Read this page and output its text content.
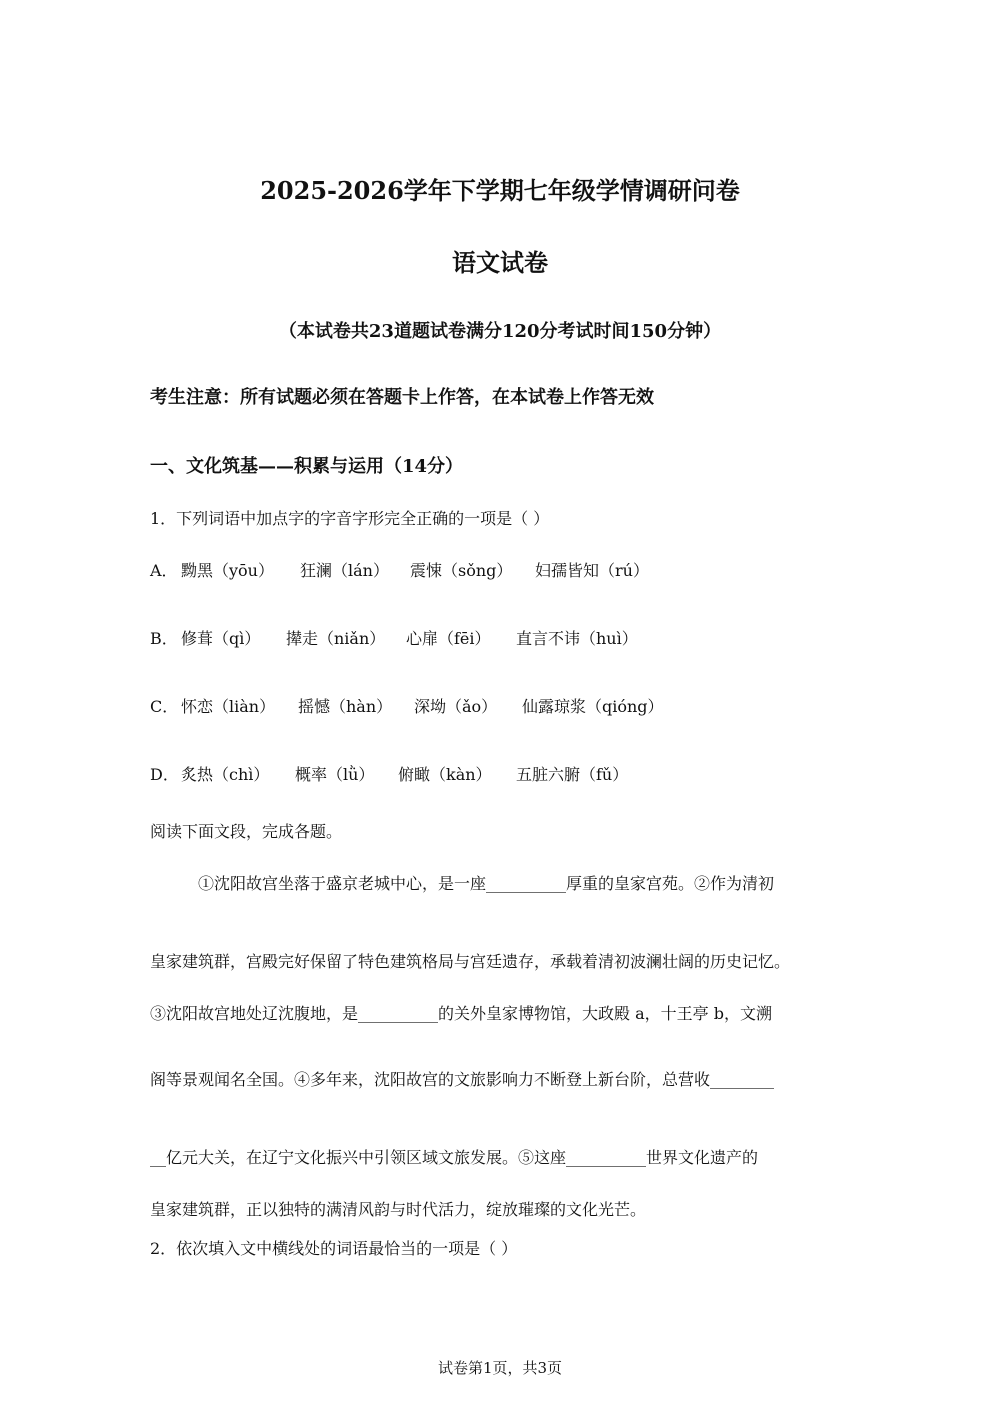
2025-2026学年下学期七年级学情调研问卷
语文试卷
（本试卷共23道题试卷满分120分考试时间150分钟）
考生注意：所有试题必须在答题卡上作答，在本试卷上作答无效
一、文化筑基——积累与运用（14分）
1．下列词语中加点字的字音字形完全正确的一项是（ ）
A． 黝黑（yōu） 狂澜（lán） 震悚（sǒng） 妇孺皆知（rú）
B． 修葺（qì） 撵走（niǎn） 心扉（fēi） 直言不讳（huì）
C． 怀恋（liàn） 摇憾（hàn） 深坳（ǎo） 仙露琼浆（qióng）
D． 炙热（chì） 概率（lǜ） 俯瞰（kàn） 五脏六腑（fǔ）
阅读下面文段，完成各题。
①沈阳故宫坐落于盛京老城中心，是一座__________厚重的皇家宫苑。②作为清初
皇家建筑群，宫殿完好保留了特色建筑格局与宫廷遗存，承载着清初波澜壮阔的历史记忆。
③沈阳故宫地处辽沈腹地，是__________的关外皇家博物馆，大政殿 a，十王亭 b，文溯
阁等景观闻名全国。④多年来，沈阳故宫的文旅影响力不断登上新台阶，总营收________
__亿元大关，在辽宁文化振兴中引领区域文旅发展。⑤这座__________世界文化遗产的
皇家建筑群，正以独特的满清风韵与时代活力，绽放璀璨的文化光芒。
2．依次填入文中横线处的词语最恰当的一项是（ ）
试卷第1页，共3页
